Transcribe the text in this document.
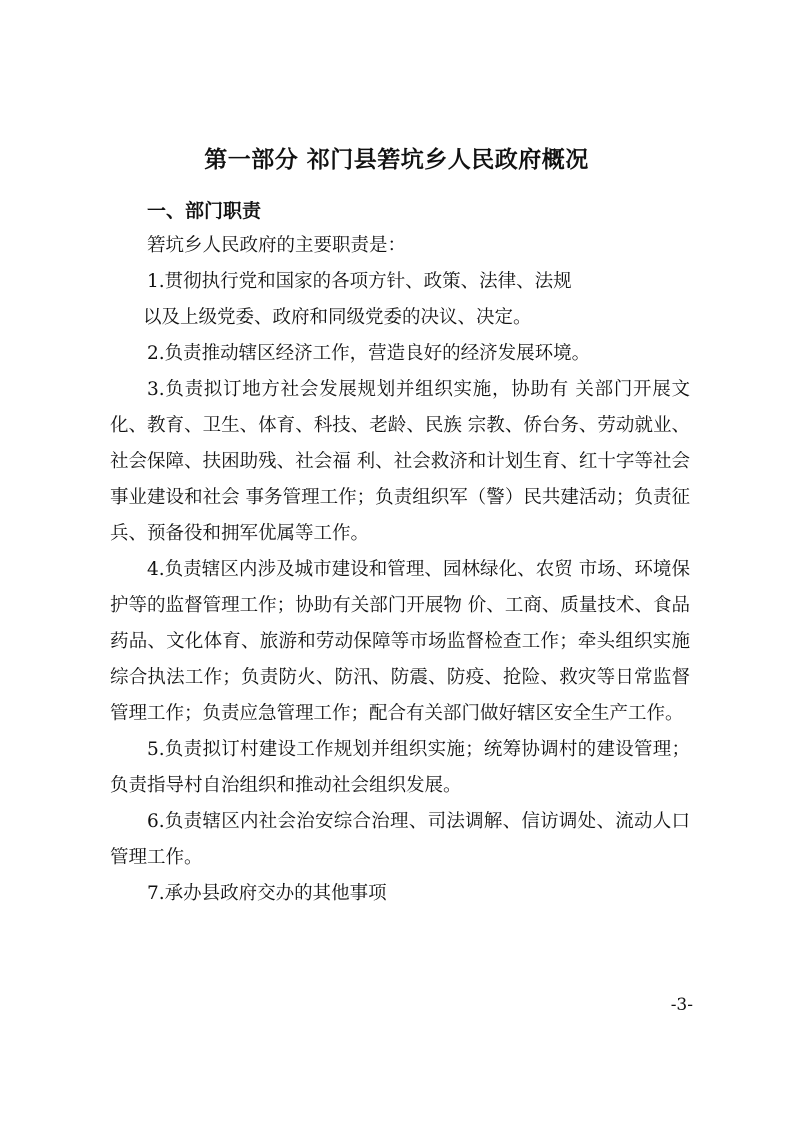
第一部分 祁门县箬坑乡人民政府概况
一、部门职责

箬坑乡人民政府的主要职责是：

1.贯彻执行党和国家的各项方针、政策、法律、法规

以及上级党委、政府和同级党委的决议、决定。

2.负责推动辖区经济工作，营造良好的经济发展环境。

3.负责拟订地方社会发展规划并组织实施，协助有 关部门开展文化、教育、卫生、体育、科技、老龄、民族 宗教、侨台务、劳动就业、社会保障、扶困助残、社会福 利、社会救济和计划生育、红十字等社会事业建设和社会 事务管理工作；负责组织军（警）民共建活动；负责征兵、预备役和拥军优属等工作。

4.负责辖区内涉及城市建设和管理、园林绿化、农贸 市场、环境保护等的监督管理工作；协助有关部门开展物 价、工商、质量技术、食品药品、文化体育、旅游和劳动保障等市场监督检查工作；牵头组织实施综合执法工作；负责防火、防汛、防震、防疫、抢险、救灾等日常监督 管理工作；负责应急管理工作；配合有关部门做好辖区安全生产工作。

5.负责拟订村建设工作规划并组织实施；统筹协调村的建设管理；负责指导村自治组织和推动社会组织发展。

6.负责辖区内社会治安综合治理、司法调解、信访调处、流动人口管理工作。

7.承办县政府交办的其他事项

-3-
